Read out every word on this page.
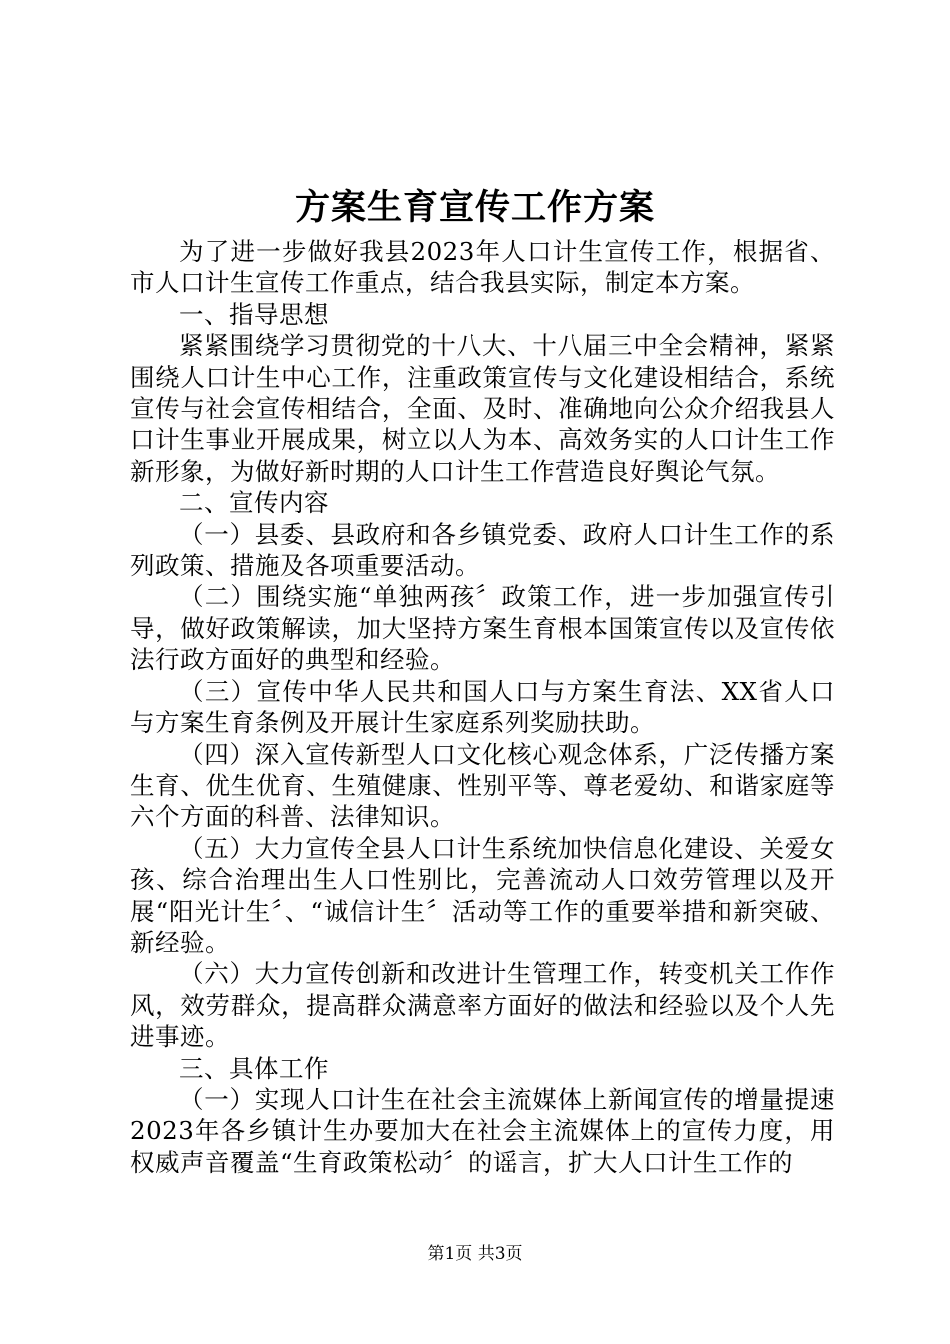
方案生育宣传工作方案

为了进一步做好我县2023年人口计生宣传工作，根据省、市人口计生宣传工作重点，结合我县实际，制定本方案。

一、指导思想

紧紧围绕学习贯彻党的十八大、十八届三中全会精神，紧紧围绕人口计生中心工作，注重政策宣传与文化建设相结合，系统宣传与社会宣传相结合，全面、及时、准确地向公众介绍我县人口计生事业开展成果，树立以人为本、高效务实的人口计生工作新形象，为做好新时期的人口计生工作营造良好舆论气氛。

二、宣传内容

（一）县委、县政府和各乡镇党委、政府人口计生工作的系列政策、措施及各项重要活动。

（二）围绕实施“单独两孩〞政策工作，进一步加强宣传引导，做好政策解读，加大坚持方案生育根本国策宣传以及宣传依法行政方面好的典型和经验。

（三）宣传中华人民共和国人口与方案生育法、XX省人口与方案生育条例及开展计生家庭系列奖励扶助。

（四）深入宣传新型人口文化核心观念体系，广泛传播方案生育、优生优育、生殖健康、性别平等、尊老爱幼、和谐家庭等六个方面的科普、法律知识。

（五）大力宣传全县人口计生系统加快信息化建设、关爱女孩、综合治理出生人口性别比，完善流动人口效劳管理以及开展“阳光计生〞、“诚信计生〞活动等工作的重要举措和新突破、新经验。

（六）大力宣传创新和改进计生管理工作，转变机关工作作风，效劳群众，提高群众满意率方面好的做法和经验以及个人先进事迹。

三、具体工作

（一）实现人口计生在社会主流媒体上新闻宣传的增量提速2023年各乡镇计生办要加大在社会主流媒体上的宣传力度，用权威声音覆盖“生育政策松动〞的谣言，扩大人口计生工作的

第1页 共3页
